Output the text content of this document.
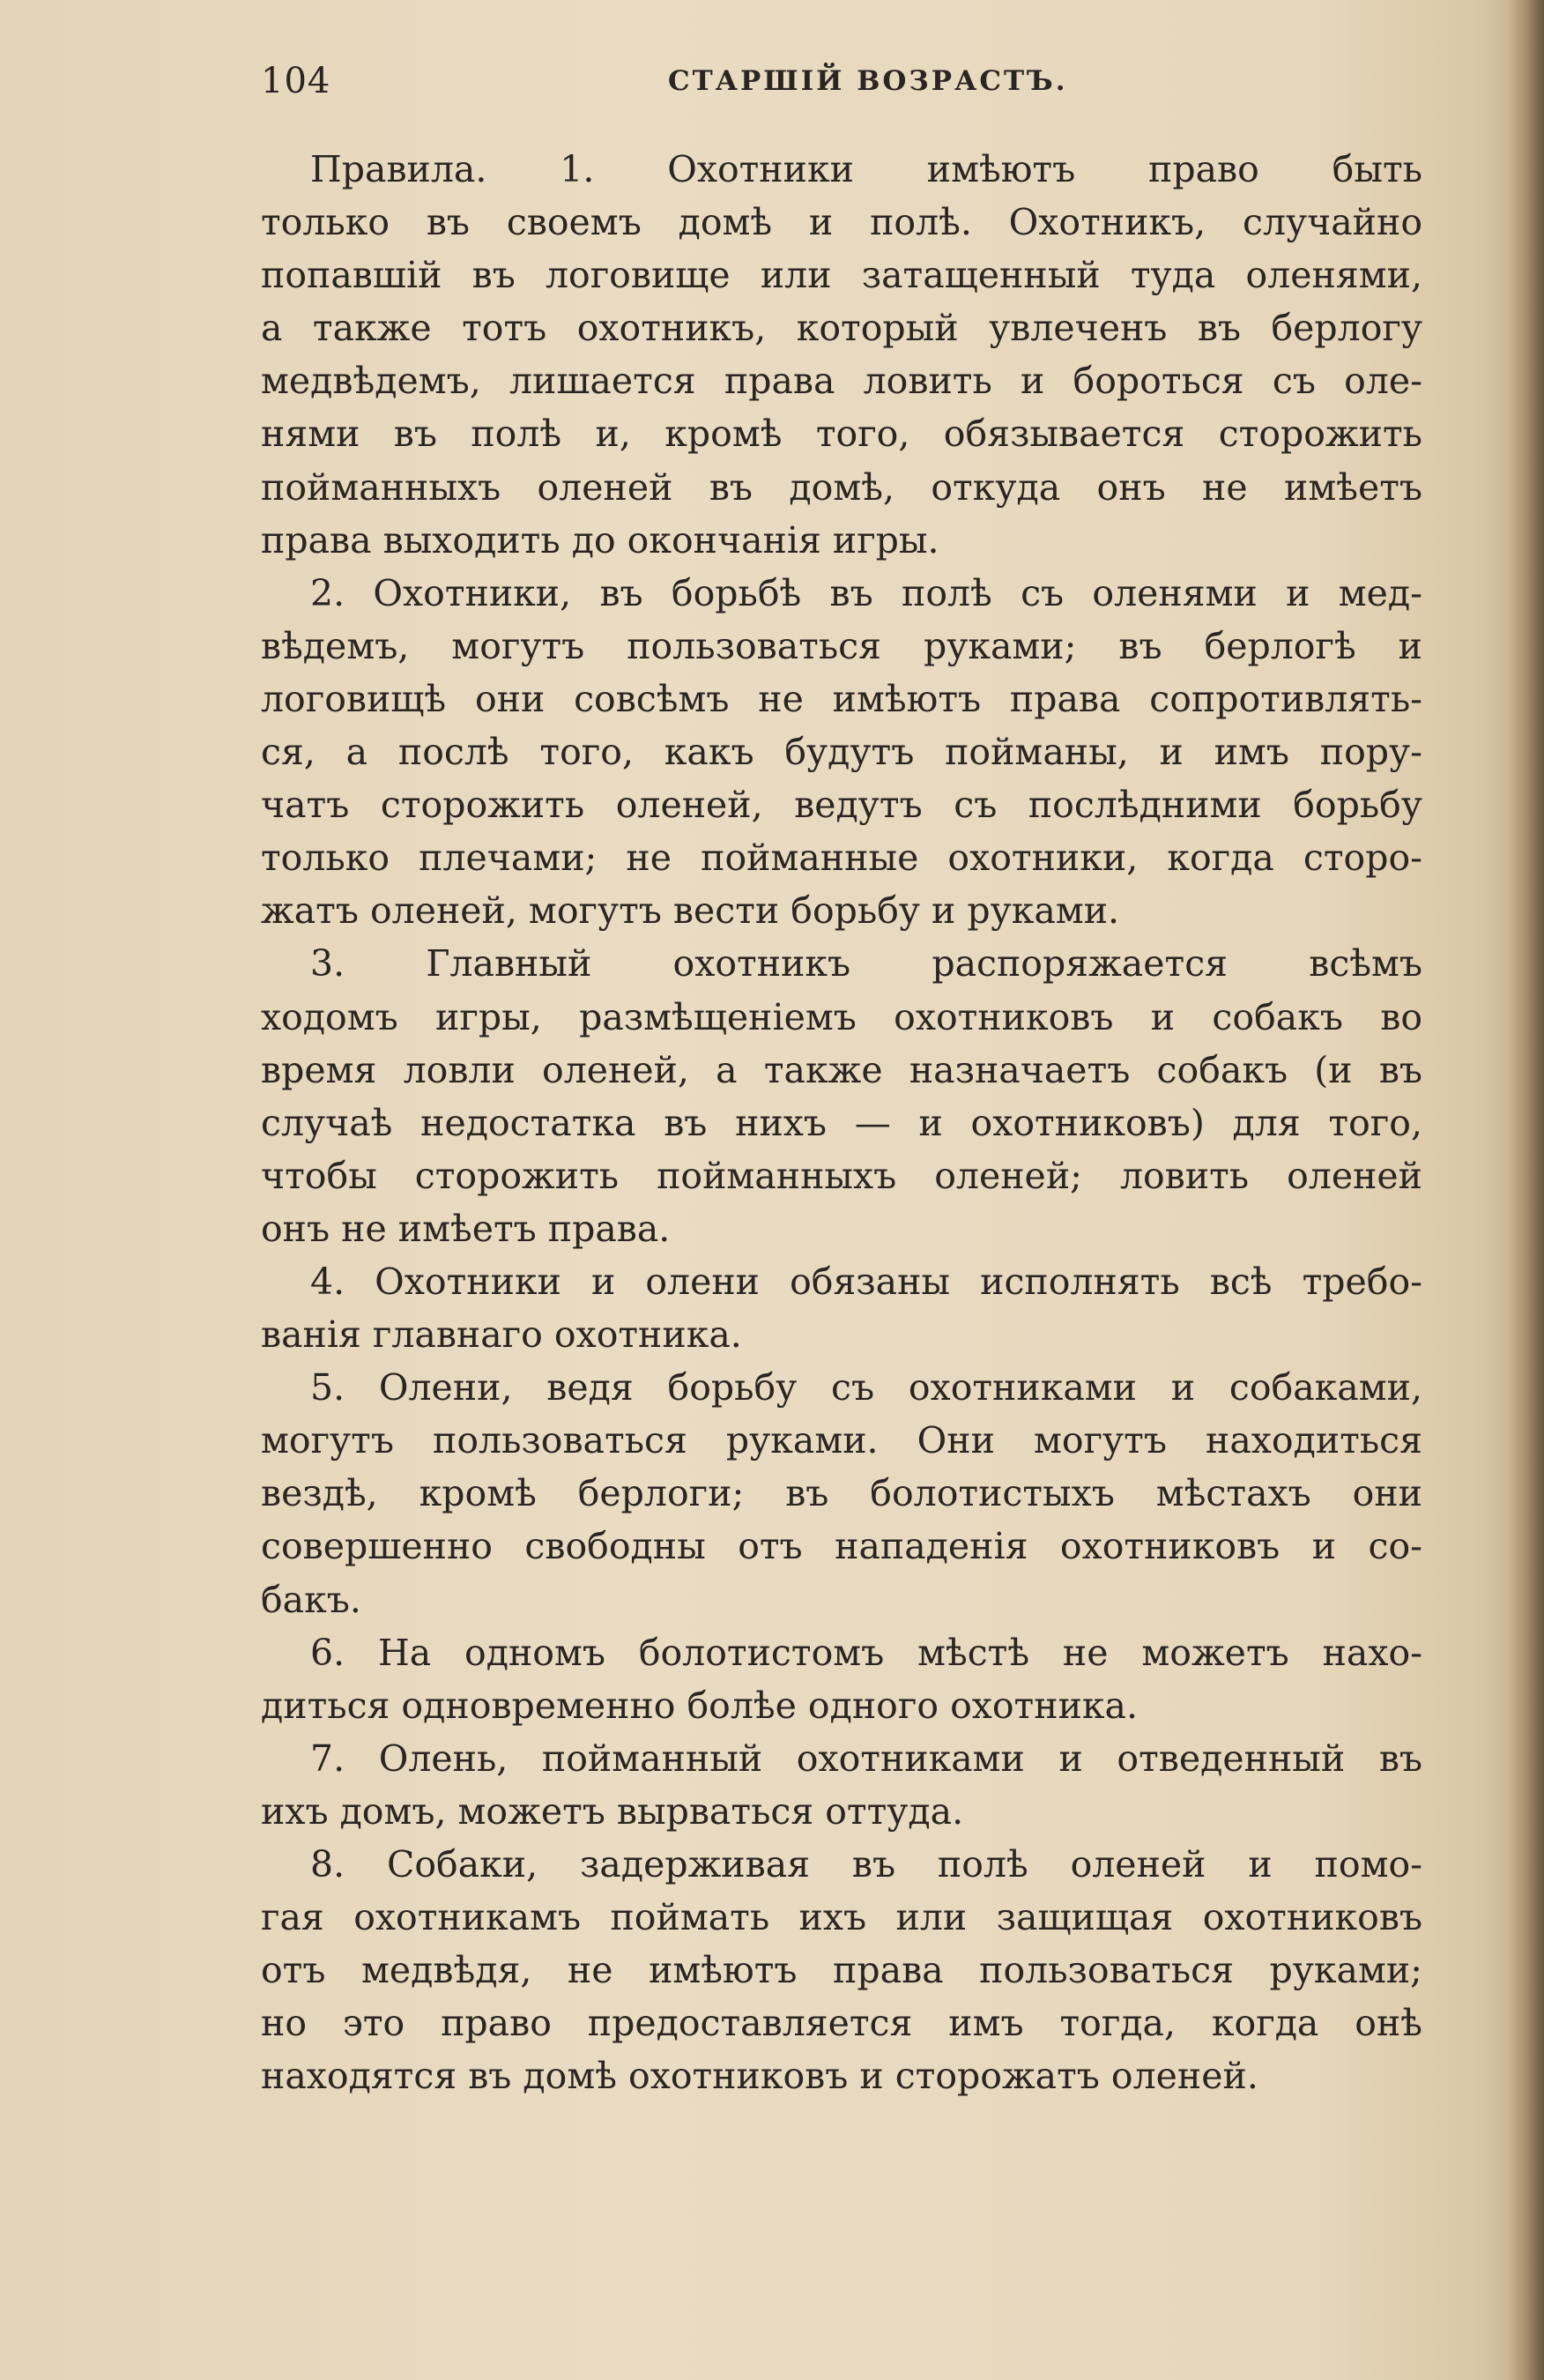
104	СТАРШІЙ ВОЗРАСТЪ.
Правила. 1. Охотники имѣютъ право быть
только въ своемъ домѣ и полѣ. Охотникъ, случайно
попавшій въ логовище или затащенный туда оленями,
а также тотъ охотникъ, который увлеченъ въ берлогу
медвѣдемъ, лишается права ловить и бороться съ оле-
нями въ полѣ и, кромѣ того, обязывается сторожить
пойманныхъ оленей въ домѣ, откуда онъ не имѣетъ
права выходить до окончанія игры.
2. Охотники, въ борьбѣ въ полѣ съ оленями и мед-
вѣдемъ, могутъ пользоваться руками; въ берлогѣ и
логовищѣ они совсѣмъ не имѣютъ права сопротивлять-
ся, а послѣ того, какъ будутъ пойманы, и имъ пору-
чатъ сторожить оленей, ведутъ съ послѣдними борьбу
только плечами; не пойманные охотники, когда сторо-
жатъ оленей, могутъ вести борьбу и руками.
3. Главный охотникъ распоряжается всѣмъ
ходомъ игры, размѣщеніемъ охотниковъ и собакъ во
время ловли оленей, а также назначаетъ собакъ (и въ
случаѣ недостатка въ нихъ — и охотниковъ) для того,
чтобы сторожить пойманныхъ оленей; ловить оленей
онъ не имѣетъ права.
4. Охотники и олени обязаны исполнять всѣ требо-
ванія главнаго охотника.
5. Олени, ведя борьбу съ охотниками и собаками,
могутъ пользоваться руками. Они могутъ находиться
вездѣ, кромѣ берлоги; въ болотистыхъ мѣстахъ они
совершенно свободны отъ нападенія охотниковъ и со-
бакъ.
6. На одномъ болотистомъ мѣстѣ не можетъ нахо-
диться одновременно болѣе одного охотника.
7. Олень, пойманный охотниками и отведенный въ
ихъ домъ, можетъ вырваться оттуда.
8. Собаки, задерживая въ полѣ оленей и помо-
гая охотникамъ поймать ихъ или защищая охотниковъ
отъ медвѣдя, не имѣютъ права пользоваться руками;
но это право предоставляется имъ тогда, когда онѣ
находятся въ домѣ охотниковъ и сторожатъ оленей.
